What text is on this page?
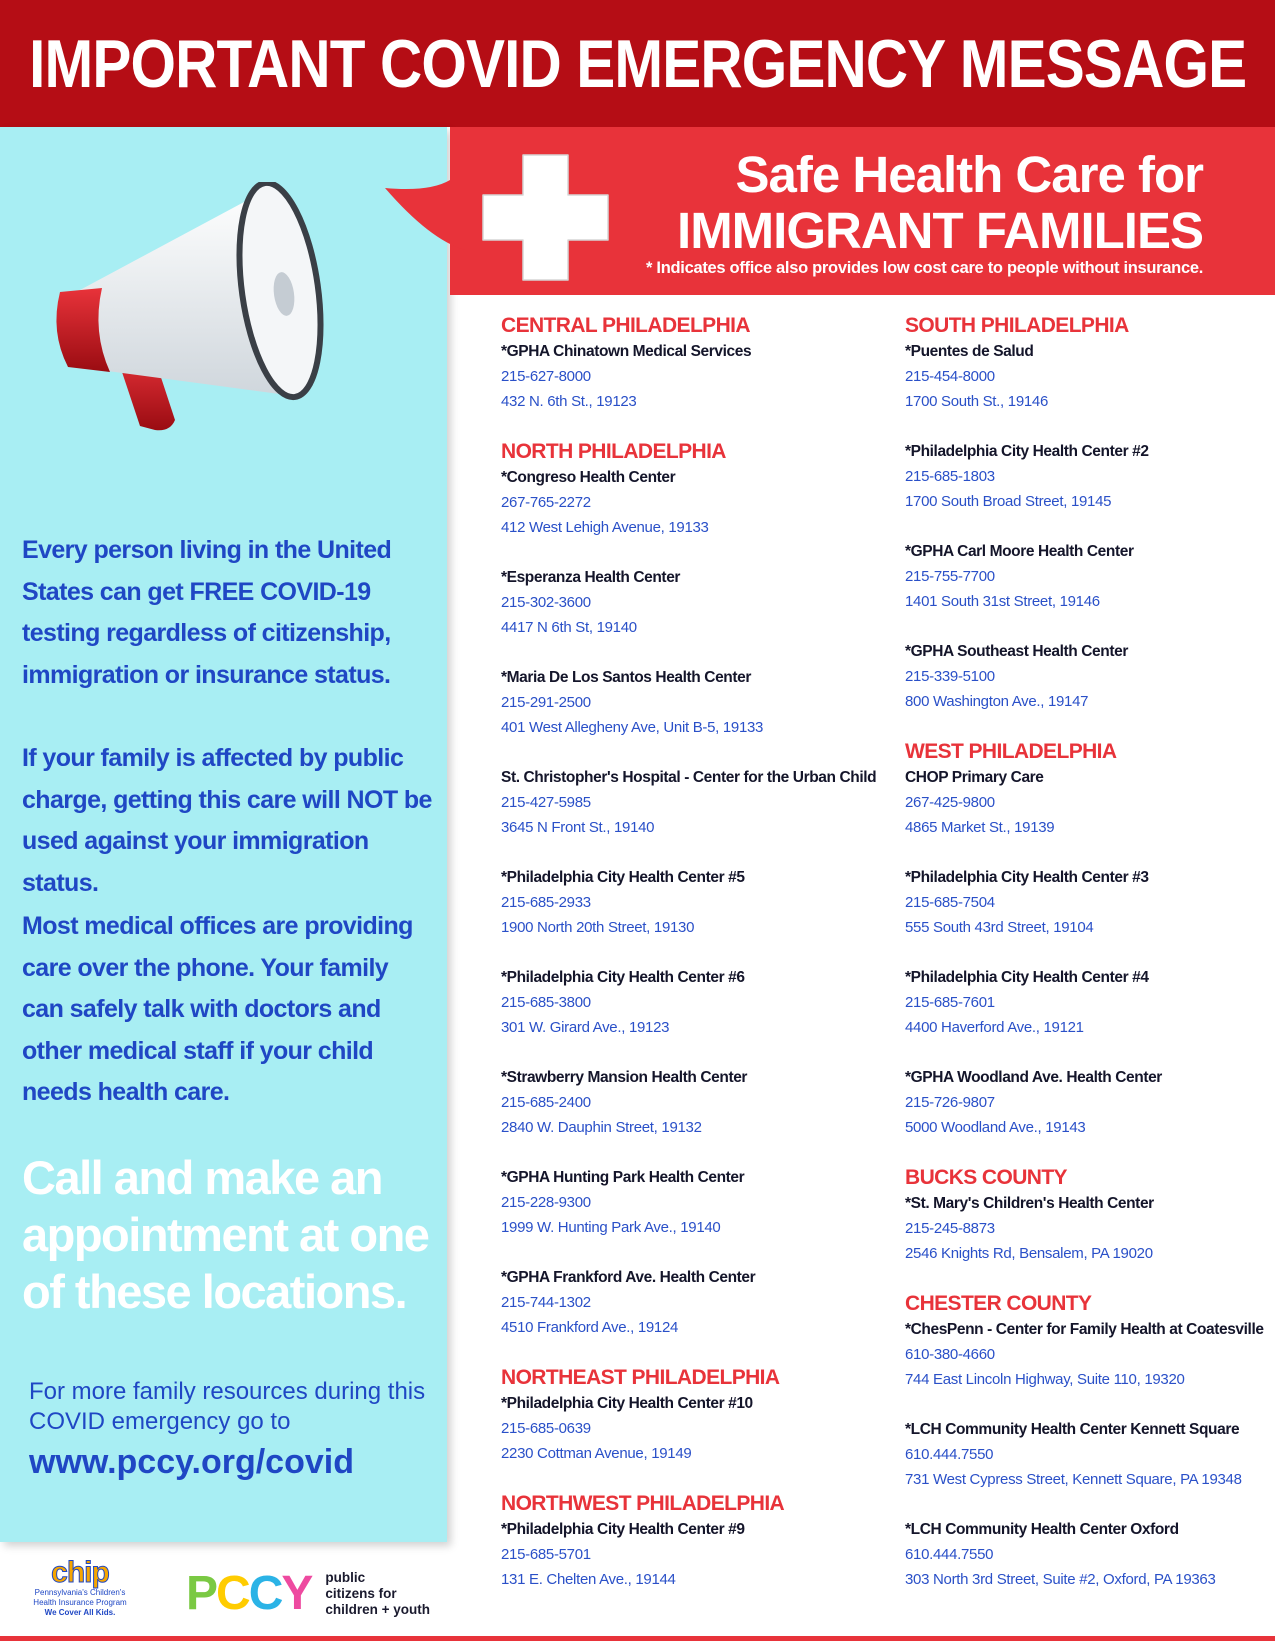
IMPORTANT COVID EMERGENCY MESSAGE
Every person living in the United States can get FREE COVID-19 testing regardless of citizenship, immigration or insurance status.
If your family is affected by public charge, getting this care will NOT be used against your immigration status.
Most medical offices are providing care over the phone. Your family can safely talk with doctors and other medical staff if your child needs health care.
Call and make an appointment at one of these locations.
For more family resources during this COVID emergency go to
www.pccy.org/covid
chip
Pennsylvania's Children's
Health Insurance Program
We Cover All Kids.	PCCY public
citizens for
children + youth
Safe Health Care for
IMMIGRANT FAMILIES
* Indicates office also provides low cost care to people without insurance.
CENTRAL PHILADELPHIA
*GPHA Chinatown Medical Services
215-627-8000
432 N. 6th St., 19123
NORTH PHILADELPHIA
*Congreso Health Center
267-765-2272
412 West Lehigh Avenue, 19133
*Esperanza Health Center
215-302-3600
4417 N 6th St, 19140
*Maria De Los Santos Health Center
215-291-2500
401 West Allegheny Ave, Unit B-5, 19133
St. Christopher's Hospital - Center for the Urban Child
215-427-5985
3645 N Front St., 19140
*Philadelphia City Health Center #5
215-685-2933
1900 North 20th Street, 19130
*Philadelphia City Health Center #6
215-685-3800
301 W. Girard Ave., 19123
*Strawberry Mansion Health Center
215-685-2400
2840 W. Dauphin Street, 19132
*GPHA Hunting Park Health Center
215-228-9300
1999 W. Hunting Park Ave., 19140
*GPHA Frankford Ave. Health Center
215-744-1302
4510 Frankford Ave., 19124
NORTHEAST PHILADELPHIA
*Philadelphia City Health Center #10
215-685-0639
2230 Cottman Avenue, 19149
NORTHWEST PHILADELPHIA
*Philadelphia City Health Center #9
215-685-5701
131 E. Chelten Ave., 19144
SOUTH PHILADELPHIA
*Puentes de Salud
215-454-8000
1700 South St., 19146
*Philadelphia City Health Center #2
215-685-1803
1700 South Broad Street, 19145
*GPHA Carl Moore Health Center
215-755-7700
1401 South 31st Street, 19146
*GPHA Southeast Health Center
215-339-5100
800 Washington Ave., 19147
WEST PHILADELPHIA
CHOP Primary Care
267-425-9800
4865 Market St., 19139
*Philadelphia City Health Center #3
215-685-7504
555 South 43rd Street, 19104
*Philadelphia City Health Center #4
215-685-7601
4400 Haverford Ave., 19121
*GPHA Woodland Ave. Health Center
215-726-9807
5000 Woodland Ave., 19143
BUCKS COUNTY
*St. Mary's Children's Health Center
215-245-8873
2546 Knights Rd, Bensalem, PA 19020
CHESTER COUNTY
*ChesPenn - Center for Family Health at Coatesville
610-380-4660
744 East Lincoln Highway, Suite 110, 19320
*LCH Community Health Center Kennett Square
610.444.7550
731 West Cypress Street, Kennett Square, PA 19348
*LCH Community Health Center Oxford
610.444.7550
303 North 3rd Street, Suite #2, Oxford, PA 19363
